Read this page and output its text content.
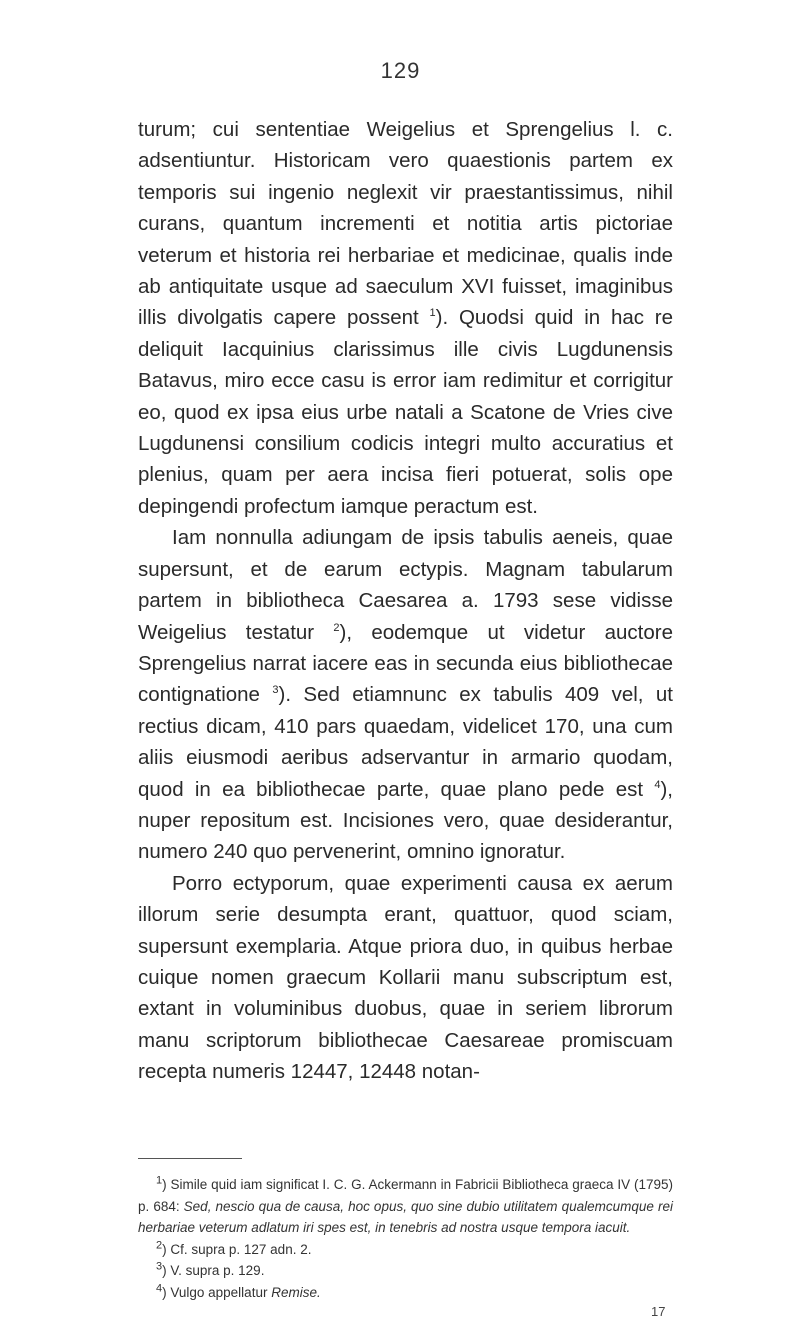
129

turum; cui sententiae Weigelius et Sprengelius l. c. adsentiuntur. Historicam vero quaestionis partem ex temporis sui ingenio neglexit vir praestantissimus, nihil curans, quantum incrementi et notitia artis pictoriae veterum et historia rei herbariae et medicinae, qualis inde ab antiquitate usque ad saeculum XVI fuisset, imaginibus illis divolgatis capere possent $^1$). Quodsi quid in hac re deliquit Iacquinius clarissimus ille civis Lugdunensis Batavus, miro ecce casu is error iam redimitur et corrigitur eo, quod ex ipsa eius urbe natali a Scatone de Vries cive Lugdunensi consilium codicis integri multo accuratius et plenius, quam per aera incisa fieri potuerat, solis ope depingendi profectum iamque peractum est.

Iam nonnulla adiungam de ipsis tabulis aeneis, quae supersunt, et de earum ectypis. Magnam tabularum partem in bibliotheca Caesarea a. 1793 sese vidisse Weigelius testatur $^2$), eodemque ut videtur auctore Sprengelius narrat iacere eas in secunda eius bibliothecae contignatione $^3$). Sed etiamnunc ex tabulis 409 vel, ut rectius dicam, 410 pars quaedam, videlicet 170, una cum aliis eiusmodi aeribus adservantur in armario quodam, quod in ea bibliothecae parte, quae plano pede est $^4$), nuper repositum est. Incisiones vero, quae desiderantur, numero 240 quo pervenerint, omnino ignoratur.

Porro ectyporum, quae experimenti causa ex aerum illorum serie desumpta erant, quattuor, quod sciam, supersunt exemplaria. Atque priora duo, in quibus herbae cuique nomen graecum Kollarii manu subscriptum est, extant in voluminibus duobus, quae in seriem librorum manu scriptorum bibliothecae Caesareae promiscuam recepta numeris 12447, 12448 notan-

$^1$) Simile quid iam significat I. C. G. Ackermann in Fabricii Bibliotheca graeca IV (1795) p. 684: Sed, nescio qua de causa, hoc opus, quo sine dubio utilitatem qualemcumque rei herbariae veterum adlatum iri spes est, in tenebris ad nostra usque tempora iacuit.

$^2$) Cf. supra p. 127 adn. 2.

$^3$) V. supra p. 129.

$^4$) Vulgo appellatur Remise.

17
